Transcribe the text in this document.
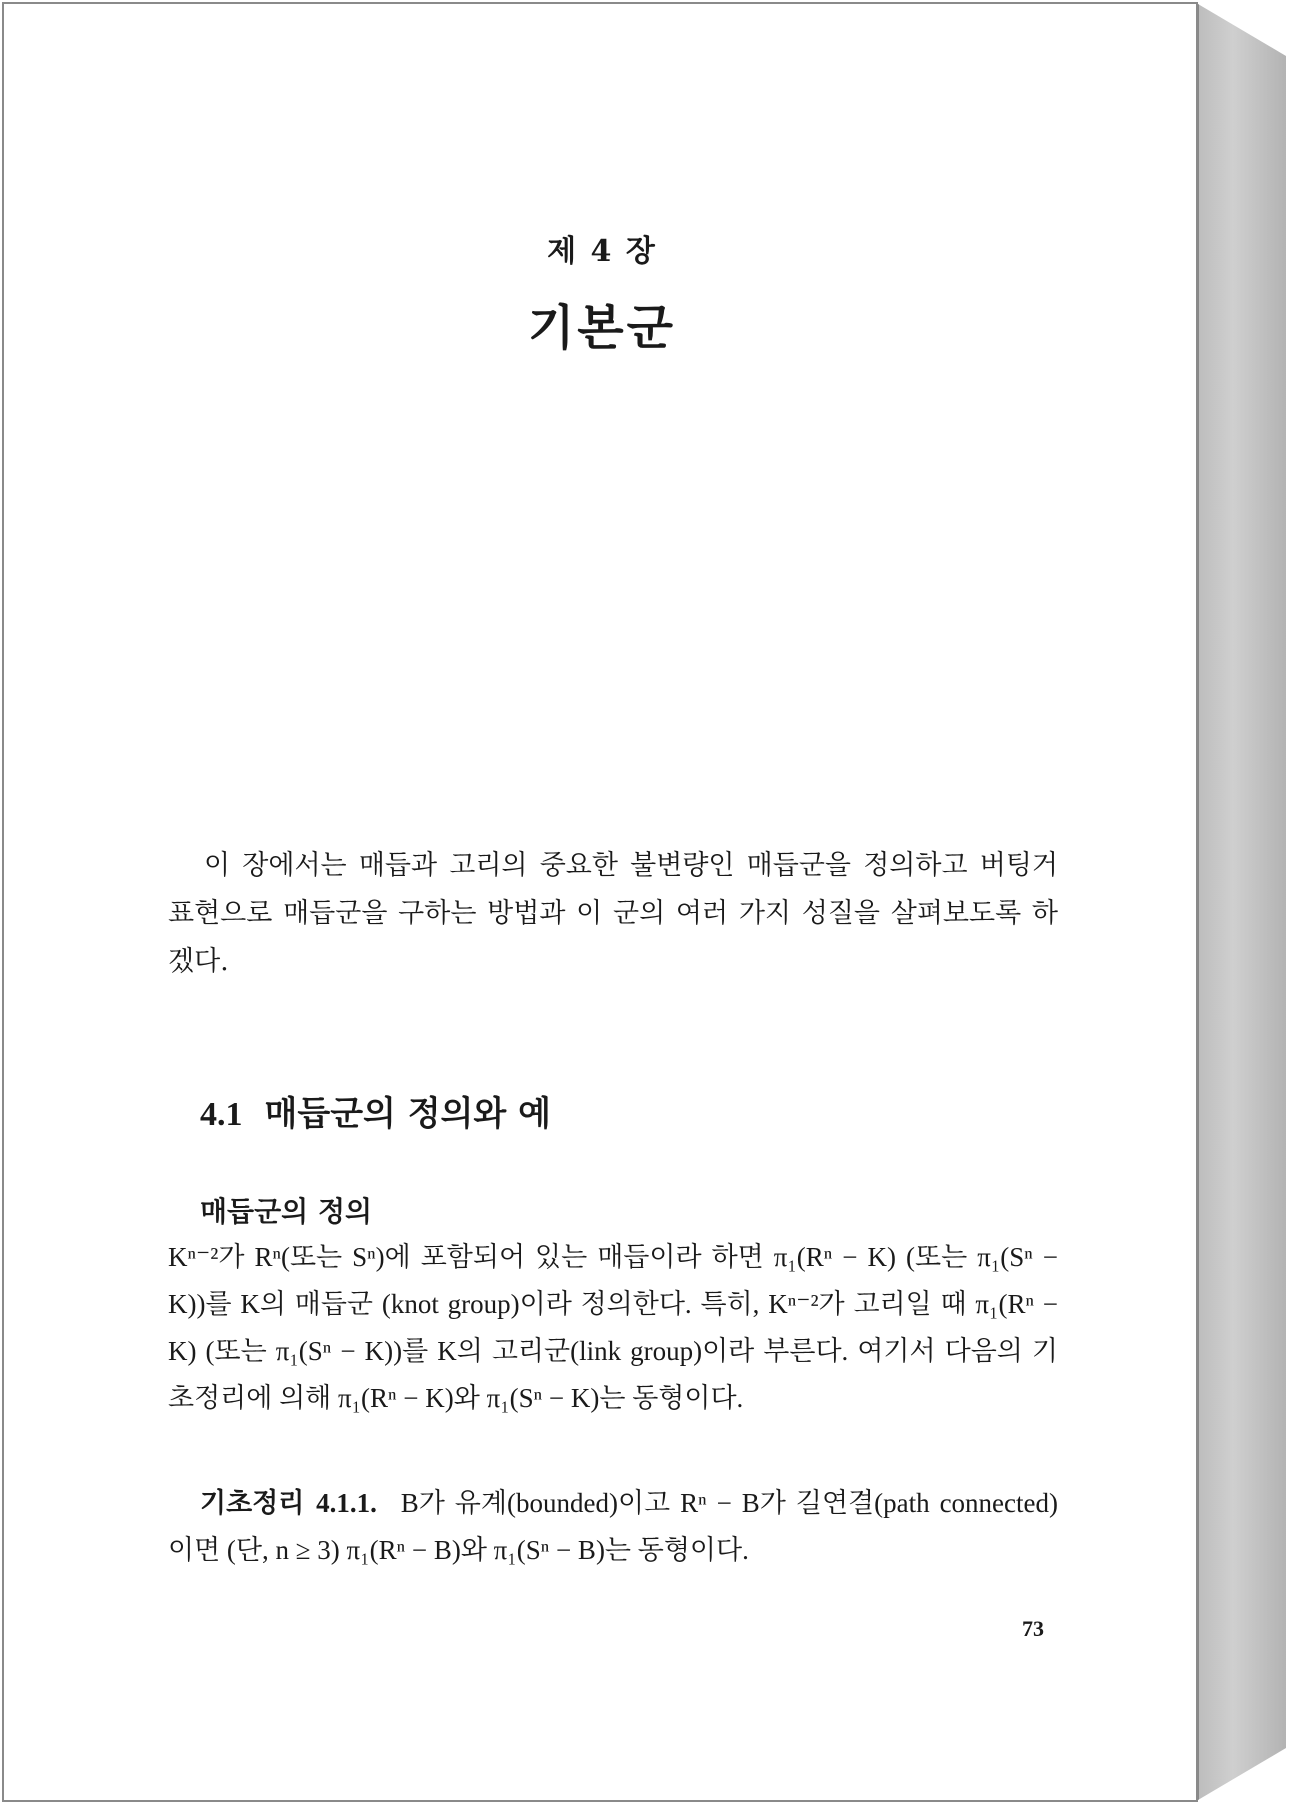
제 4 장
기본군
이 장에서는 매듭과 고리의 중요한 불변량인 매듭군을 정의하고 버팅거 표현으로 매듭군을 구하는 방법과 이 군의 여러 가지 성질을 살펴보도록 하겠다.
4.1 매듭군의 정의와 예
매듭군의 정의
Kⁿ⁻²가 Rⁿ(또는 Sⁿ)에 포함되어 있는 매듭이라 하면 π₁(Rⁿ − K) (또는 π₁(Sⁿ − K))를 K의 매듭군 (knot group)이라 정의한다. 특히, Kⁿ⁻²가 고리일 때 π₁(Rⁿ − K) (또는 π₁(Sⁿ − K))를 K의 고리군(link group)이라 부른다. 여기서 다음의 기초정리에 의해 π₁(Rⁿ − K)와 π₁(Sⁿ − K)는 동형이다.
기초정리 4.1.1. B가 유계(bounded)이고 Rⁿ − B가 길연결(path connected)이면 (단, n ≥ 3) π₁(Rⁿ − B)와 π₁(Sⁿ − B)는 동형이다.
73
